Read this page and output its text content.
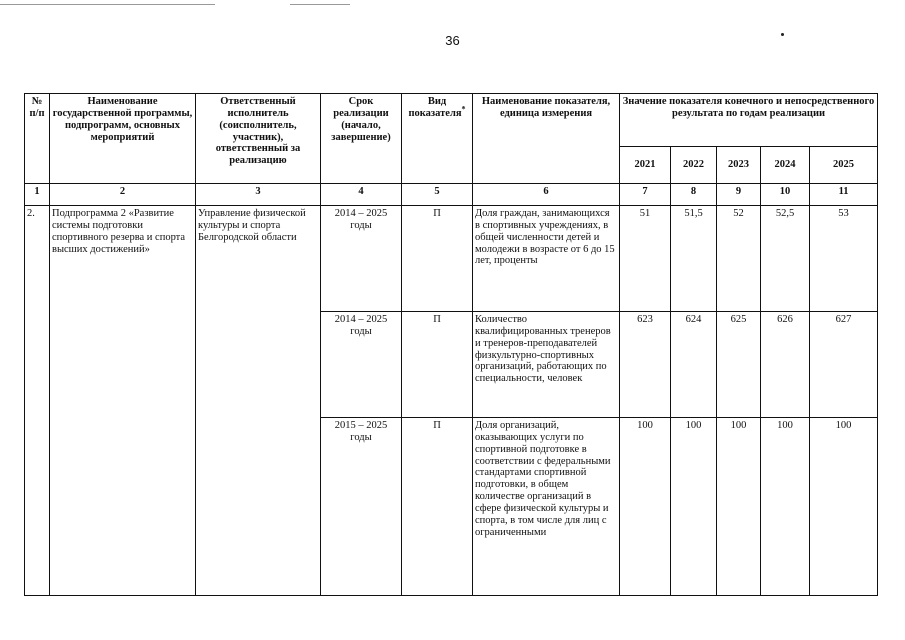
36
№ п/п	Наименование государственной программы, подпрограмм, основных мероприятий	Ответственный исполнитель (соисполнитель, участник), ответственный за реализацию	Срок реализации (начало, завершение)	Вид показателя*	Наименование показателя, единица измерения	Значение показателя конечного и непосредственного результата по годам реализации				
						2021	2022	2023	2024	2025
1	2	3	4	5	6	7	8	9	10	11
2.	Подпрограмма 2 «Развитие системы подготовки спортивного резерва и спорта высших достижений»	Управление физической культуры и спорта Белгородской области	2014 – 2025 годы	П	Доля граждан, занимающихся в спортивных учреждениях, в общей численности детей и молодежи в возрасте от 6 до 15 лет, проценты	51	51,5	52	52,5	53
			2014 – 2025 годы	П	Количество квалифицированных тренеров и тренеров-преподавателей физкультурно-спортивных организаций, работающих по специальности, человек	623	624	625	626	627
			2015 – 2025 годы	П	Доля организаций, оказывающих услуги по спортивной подготовке в соответствии с федеральными стандартами спортивной подготовки, в общем количестве организаций в сфере физической культуры и спорта, в том числе для лиц с ограниченными	100	100	100	100	100
